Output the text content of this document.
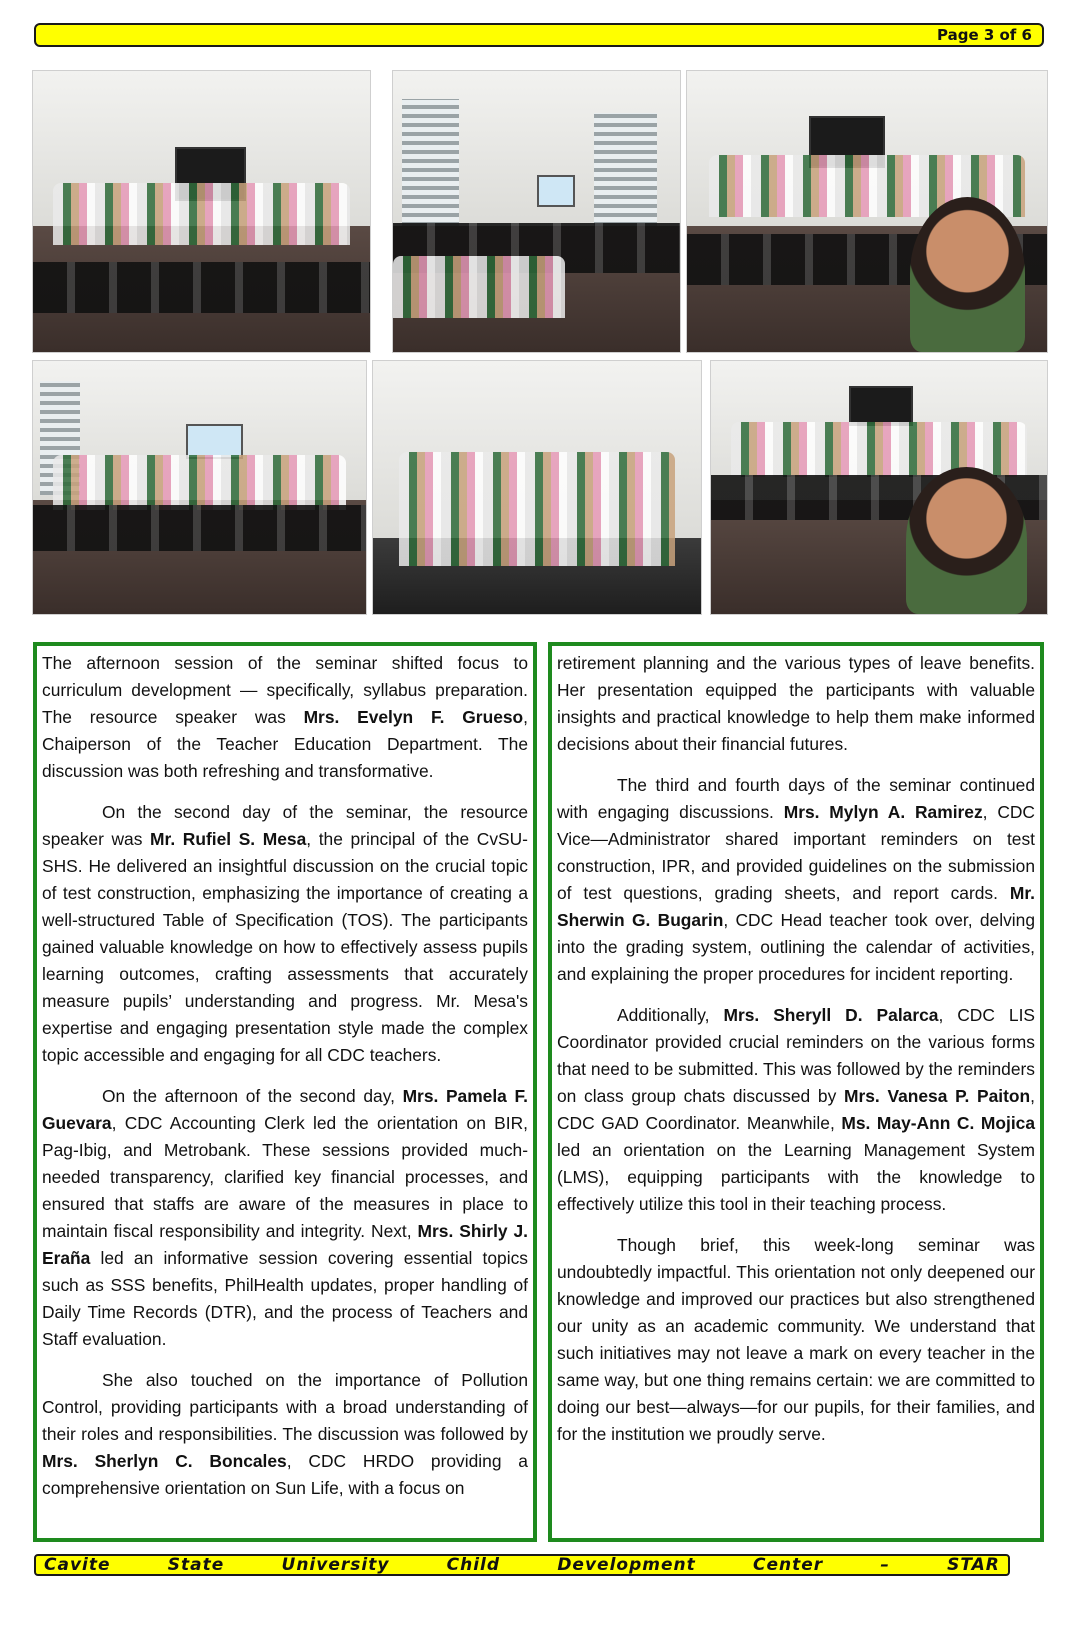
Page 3 of 6

The afternoon session of the seminar shifted focus to curriculum development — specifically, syllabus preparation. The resource speaker was Mrs. Evelyn F. Grueso, Chaiperson of the Teacher Education Department. The discussion was both refreshing and transformative.

On the second day of the seminar, the resource speaker was Mr. Rufiel S. Mesa, the principal of the CvSU-SHS. He delivered an insightful discussion on the crucial topic of test construction, emphasizing the importance of creating a well-structured Table of Specification (TOS). The participants gained valuable knowledge on how to effectively assess pupils learning outcomes, crafting assessments that accurately measure pupils’ understanding and progress. Mr. Mesa's expertise and engaging presentation style made the complex topic accessible and engaging for all CDC teachers.

On the afternoon of the second day, Mrs. Pamela F. Guevara, CDC Accounting Clerk led the orientation on BIR, Pag-Ibig, and Metrobank. These sessions provided much-needed transparency, clarified key financial processes, and ensured that staffs are aware of the measures in place to maintain fiscal responsibility and integrity. Next, Mrs. Shirly J. Eraña led an informative session covering essential topics such as SSS benefits, PhilHealth updates, proper handling of Daily Time Records (DTR), and the process of Teachers and Staff evaluation.

She also touched on the importance of Pollution Control, providing participants with a broad understanding of their roles and responsibilities. The discussion was followed by Mrs. Sherlyn C. Boncales, CDC HRDO providing a comprehensive orientation on Sun Life, with a focus on

retirement planning and the various types of leave benefits. Her presentation equipped the participants with valuable insights and practical knowledge to help them make informed decisions about their financial futures.

The third and fourth days of the seminar continued with engaging discussions. Mrs. Mylyn A. Ramirez, CDC Vice—Administrator shared important reminders on test construction, IPR, and provided guidelines on the submission of test questions, grading sheets, and report cards. Mr. Sherwin G. Bugarin, CDC Head teacher took over, delving into the grading system, outlining the calendar of activities, and explaining the proper procedures for incident reporting.

Additionally, Mrs. Sheryll D. Palarca, CDC LIS Coordinator provided crucial reminders on the various forms that need to be submitted. This was followed by the reminders on class group chats discussed by Mrs. Vanesa P. Paiton, CDC GAD Coordinator. Meanwhile, Ms. May-Ann C. Mojica led an orientation on the Learning Management System (LMS), equipping participants with the knowledge to effectively utilize this tool in their teaching process.

Though brief, this week-long seminar was undoubtedly impactful. This orientation not only deepened our knowledge and improved our practices but also strengthened our unity as an academic community. We understand that such initiatives may not leave a mark on every teacher in the same way, but one thing remains certain: we are committed to doing our best—always—for our pupils, for their families, and for the institution we proudly serve.

Cavite	State	University	Child	Development	Center	–	STAR
